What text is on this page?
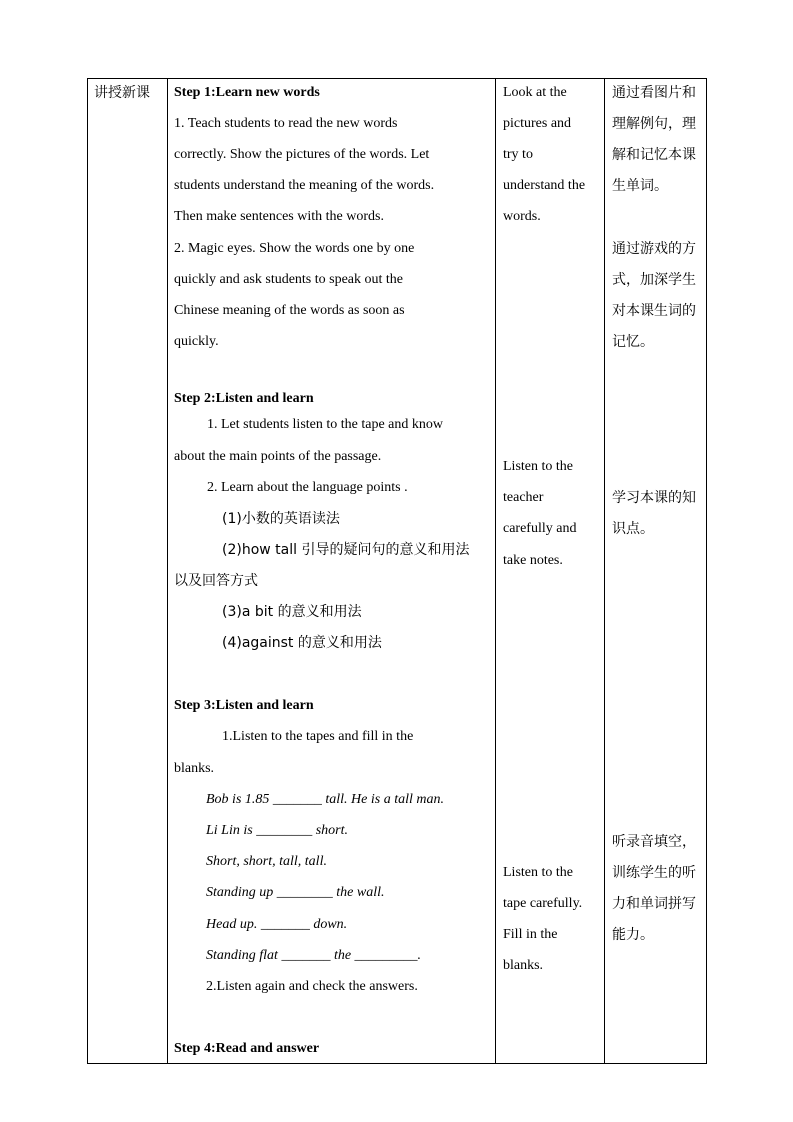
讲授新课 Step 1:Learn new words
1. Teach students to read the new words
correctly. Show the pictures of the words. Let
students understand the meaning of the words.
Then make sentences with the words.
2. Magic eyes. Show the words one by one
quickly and ask students to speak out the
Chinese meaning of the words as soon as
quickly.
Step 2:Listen and learn
1. Let students listen to the tape and know
about the main points of the passage.
2. Learn about the language points .
(1)小数的英语读法
(2)how tall 引导的疑问句的意义和用法
以及回答方式
(3)a bit 的意义和用法
(4)against 的意义和用法
Step 3:Listen and learn
1.Listen to the tapes and fill in the
blanks.
Bob is 1.85 _______ tall. He is a tall man.
Li Lin is ________ short.
Short, short, tall, tall.
Standing up ________ the wall.
Head up. _______ down.
Standing flat _______ the _________.
2.Listen again and check the answers.
Step 4:Read and answer
Look at the
pictures and
try to
understand the
words.
Listen to the
teacher
carefully and
take notes.
Listen to the
tape carefully.
Fill in the
blanks.
通过看图片和
理解例句，理
解和记忆本课
生单词。
通过游戏的方
式，加深学生
对本课生词的
记忆。
学习本课的知
识点。
听录音填空，
训练学生的听
力和单词拼写
能力。
